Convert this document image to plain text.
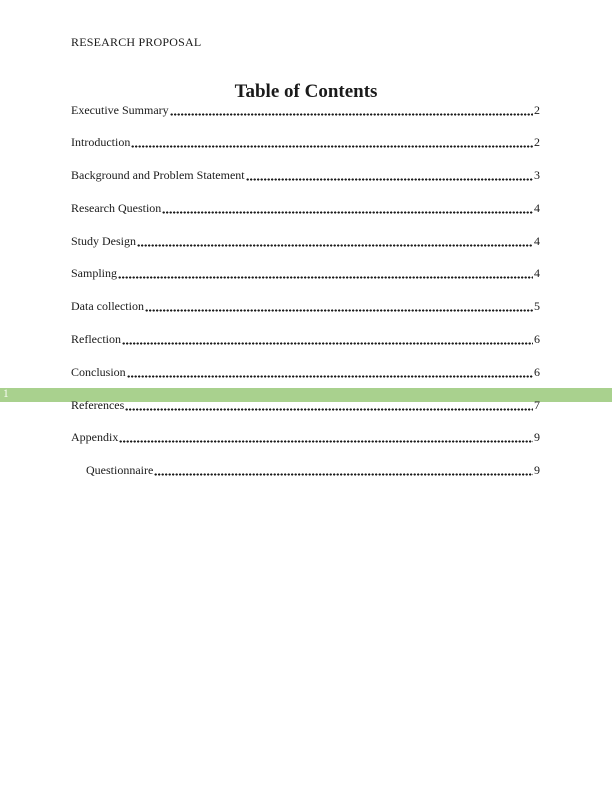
RESEARCH PROPOSAL
Table of Contents
1
Executive Summary	2
Introduction	2
Background and Problem Statement	3
Research Question	4
Study Design	4
Sampling	4
Data collection	5
Reflection	6
Conclusion	6
References	7
Appendix	9
Questionnaire	9
